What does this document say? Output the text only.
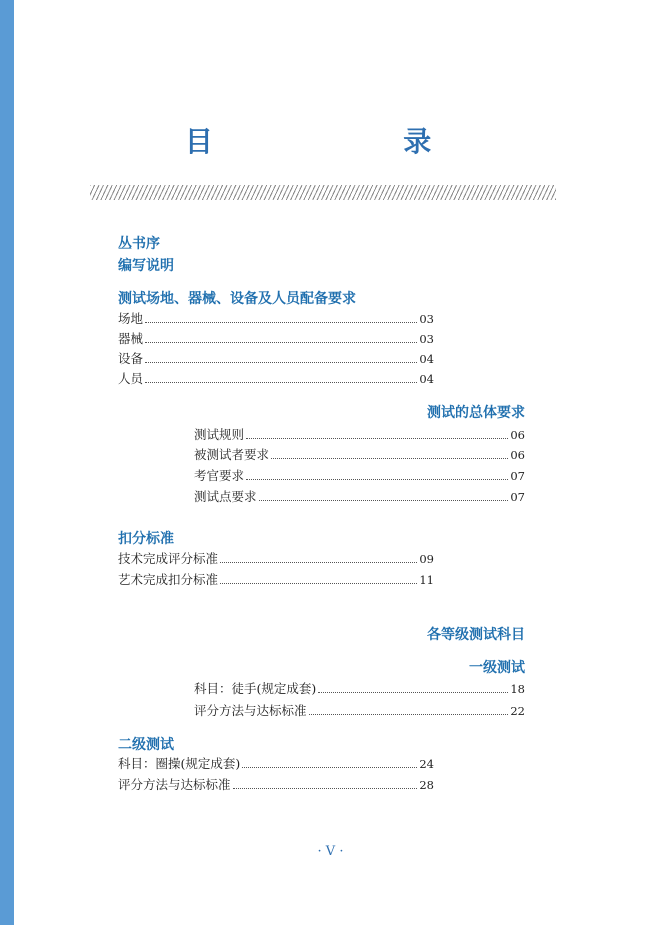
目　　录
丛书序
编写说明
测试场地、器械、设备及人员配备要求
场地	03
器械	03
设备	04
人员	04
测试的总体要求
测试规则	06
被测试者要求	06
考官要求	07
测试点要求	07
扣分标准
技术完成评分标准	09
艺术完成扣分标准	11
各等级测试科目
一级测试
科目：徒手(规定成套)	18
评分方法与达标标准	22
二级测试
科目：圈操(规定成套)	24
评分方法与达标标准	28
· V ·
